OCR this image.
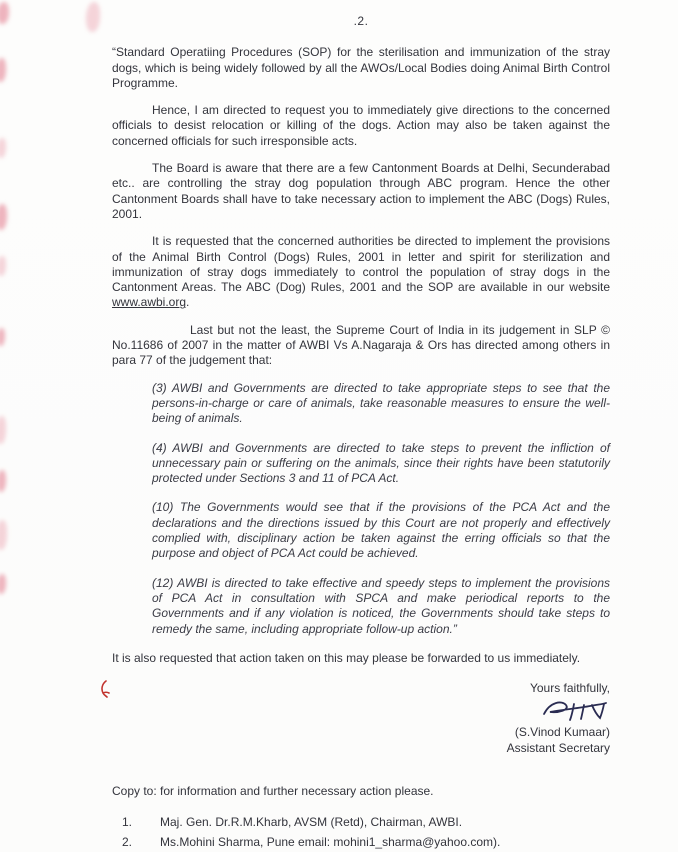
.2.

“Standard Operatiing Procedures (SOP) for the sterilisation and immunization of the stray dogs, which is being widely followed by all the AWOs/Local Bodies doing Animal Birth Control Programme.

Hence, I am directed to request you to immediately give directions to the concerned officials to desist relocation or killing of the dogs. Action may also be taken against the concerned officials for such irresponsible acts.

The Board is aware that there are a few Cantonment Boards at Delhi, Secunderabad etc.. are controlling the stray dog population through ABC program. Hence the other Cantonment Boards shall have to take necessary action to implement the ABC (Dogs) Rules, 2001.

It is requested that the concerned authorities be directed to implement the provisions of the Animal Birth Control (Dogs) Rules, 2001 in letter and spirit for sterilization and immunization of stray dogs immediately to control the population of stray dogs in the Cantonment Areas. The ABC (Dog) Rules, 2001 and the SOP are available in our website www.awbi.org.

Last but not the least, the Supreme Court of India in its judgement in SLP © No.11686 of 2007 in the matter of AWBI Vs A.Nagaraja & Ors has directed among others in para 77 of the judgement that:

(3) AWBI and Governments are directed to take appropriate steps to see that the persons-in-charge or care of animals, take reasonable measures to ensure the well-being of animals.
(4) AWBI and Governments are directed to take steps to prevent the infliction of unnecessary pain or suffering on the animals, since their rights have been statutorily protected under Sections 3 and 11 of PCA Act.
(10) The Governments would see that if the provisions of the PCA Act and the declarations and the directions issued by this Court are not properly and effectively complied with, disciplinary action be taken against the erring officials so that the purpose and object of PCA Act could be achieved.
(12) AWBI is directed to take effective and speedy steps to implement the provisions of PCA Act in consultation with SPCA and make periodical reports to the Governments and if any violation is noticed, the Governments should take steps to remedy the same, including appropriate follow-up action.”

It is also requested that action taken on this may please be forwarded to us immediately.

Yours faithfully,
(S.Vinod Kumaar)
Assistant Secretary
Copy to: for information and further necessary action please.
1.	Maj. Gen. Dr.R.M.Kharb, AVSM (Retd), Chairman, AWBI.
2.	Ms.Mohini Sharma, Pune email: mohini1_sharma@yahoo.com).
